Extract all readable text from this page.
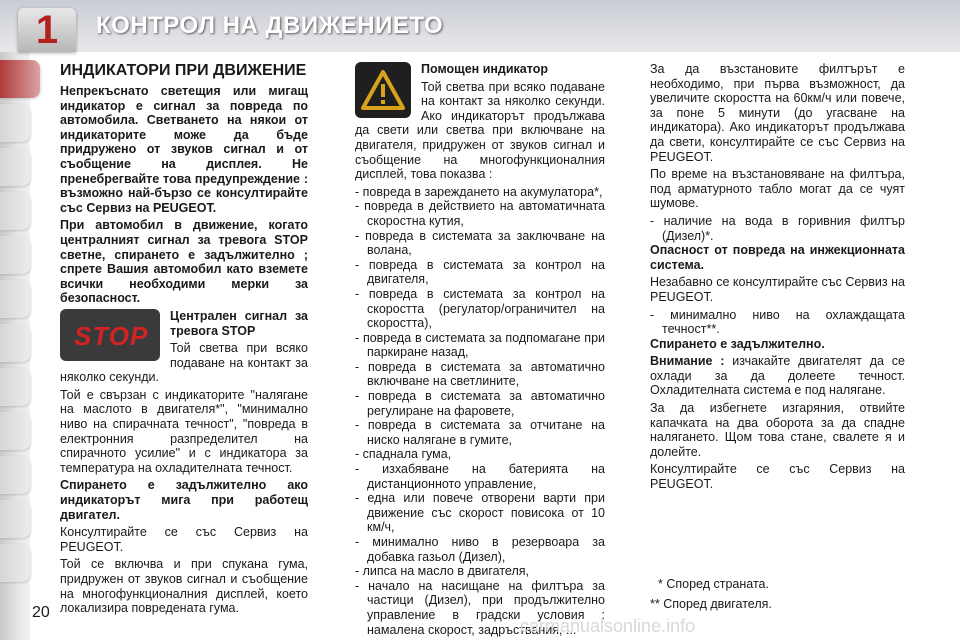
1	КОНТРОЛ НА ДВИЖЕНИЕТО
ИНДИКАТОРИ ПРИ ДВИЖЕНИЕ

Непрекъснато светещия или мигащ индикатор е сигнал за повреда по автомобила. Светването на някои от индикаторите може да бъде придружено от звуков сигнал и от съобщение на дисплея. Не пренебрегвайте това предупреждение : възможно най-бързо се консултирайте със Сервиз на PEUGEOT.

При автомобил в движение, когато централният сигнал за тревога STOP светне, спирането е задължително ; спрете Вашия автомобил като вземете всички необходими мерки за безопасност.

STOP

Централен сигнал за тревога STOP

Той светва при всяко подаване на контакт за няколко секунди.

Той е свързан с индикаторите "налягане на маслото в двигателя*", "минимално ниво на спирачната течност", "повреда в електронния разпределител на спирачното усилие" и с индикатора за температура на охладителната течност.

Спирането е задължително ако индикаторът мига при работещ двигател.

Консултирайте се със Сервиз на PEUGEOT.

Той се включва и при спукана гума, придружен от звуков сигнал и съобщение на многофункционалния дисплей, което локализира повредената гума.

Помощен индикатор

Той светва при всяко подаване на контакт за няколко секунди. Ако индикаторът продължава да свети или светва при включване на двигателя, придружен от звуков сигнал и съобщение на многофункционалния дисплей, това показва :

- повреда в зареждането на акумулатора*,
- повреда в действието на автоматичната скоростна кутия,
- повреда в системата за заключване на волана,
- повреда в системата за контрол на двигателя,
- повреда в системата за контрол на скоростта (регулатор/ограничител на скоростта),
- повреда в системата за подпомагане при паркиране назад,
- повреда в системата за автоматично включване на светлините,
- повреда в системата за автоматично регулиране на фаровете,
- повреда в системата за отчитане на ниско налягане в гумите,
- спаднала гума,
- изхабяване на батерията на дистанционното управление,
- една или повече отворени варти при движение със скорост повисока от 10 км/ч,
- минимално ниво в резервоара за добавка газьол (Дизел),
- липса на масло в двигателя,
- начало на насищане на филтъра за частици (Дизел), при продължително управление в градски условия : намалена скорост, задръствания, ...

За да възстановите филтърът е необходимо, при първа възможност, да увеличите скоростта на 60км/ч или повече, за поне 5 минути (до угасване на индикатора). Ако индикаторът продължава да свети, консултирайте се със Сервиз на PEUGEOT.

По време на възстановяване на филтъра, под арматурното табло могат да се чуят шумове.

- наличие на вода в горивния филтър (Дизел)*.

Опасност от повреда на инжекционната система.

Незабавно се консултирайте със Сервиз на PEUGEOT.

- минимално ниво на охлаждащата течност**.

Спирането е задължително.

Внимание : изчакайте двигателят да се охлади за да долеете течност. Охладителната система е под налягане.

За да избегнете изгаряния, отвийте капачката на два оборота за да спадне налягането. Щом това стане, свалете я и долейте.

Консултирайте се със Сервиз на PEUGEOT.

* Според страната.
** Според двигателя.
20
carmanualsonline.info
